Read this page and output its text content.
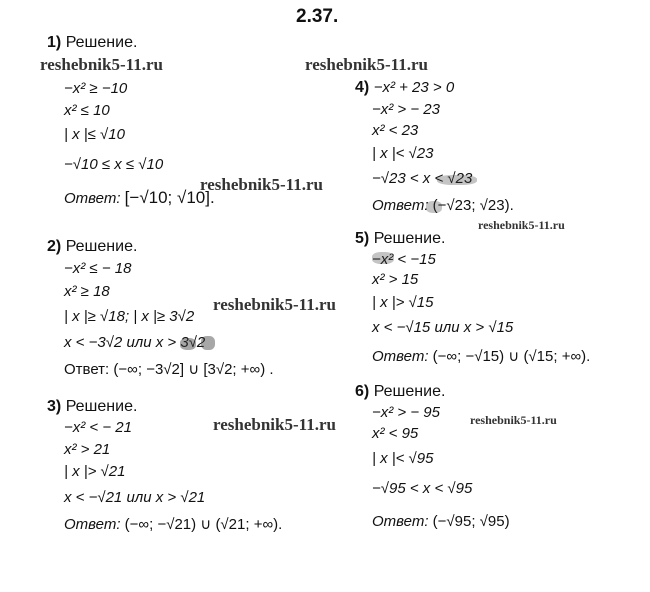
2.37.
reshebnik5-11.ru	reshebnik5-11.ru
reshebnik5-11.ru
reshebnik5-11.ru
reshebnik5-11.ru
reshebnik5-11.ru	reshebnik5-11.ru
1) Решение.
−x² ≥ −10
x² ≤ 10
| x |≤ √10
−√10 ≤ x ≤ √10
Ответ: [−√10; √10].
2) Решение.
−x² ≤ − 18
x² ≥ 18
| x |≥ √18; | x |≥ 3√2
x < −3√2 или x > 3√2
Ответ: (−∞; −3√2] ∪ [3√2; +∞) .
3) Решение.
−x² < − 21
x² > 21
| x |> √21
x < −√21 или x > √21
Ответ: (−∞; −√21) ∪ (√21; +∞).
4) −x² + 23 > 0
−x² > − 23
x² < 23
| x |< √23
−√23 < x < √23
Ответ: (−√23; √23).
5) Решение.
−x² < −15
x² > 15
| x |> √15
x < −√15 или x > √15
Ответ: (−∞; −√15) ∪ (√15; +∞).
6) Решение.
−x² > − 95
x² < 95
| x |< √95
−√95 < x < √95
Ответ: (−√95; √95)
